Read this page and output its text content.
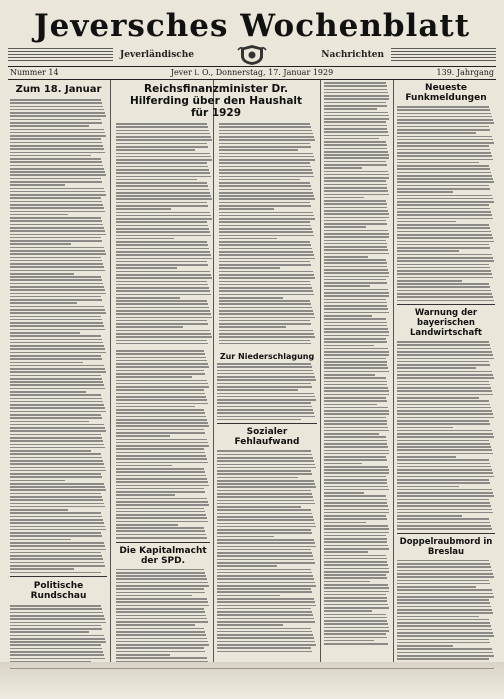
Jeversches Wochenblatt
Jeverländische	Nachrichten
Nummer 14	Jever i. O., Donnerstag, 17. Januar 1929	139. Jahrgang
Zum 18. Januar
Politische Rundschau
Reichsfinanzminister Dr. Hilferding über den Haushalt für 1929
Die Kapitalmacht der SPD.
Zur Niederschlagung
Sozialer Fehlaufwand
Neueste Funkmeldungen
Warnung der bayerischen Landwirtschaft
Doppelraubmord in Breslau
